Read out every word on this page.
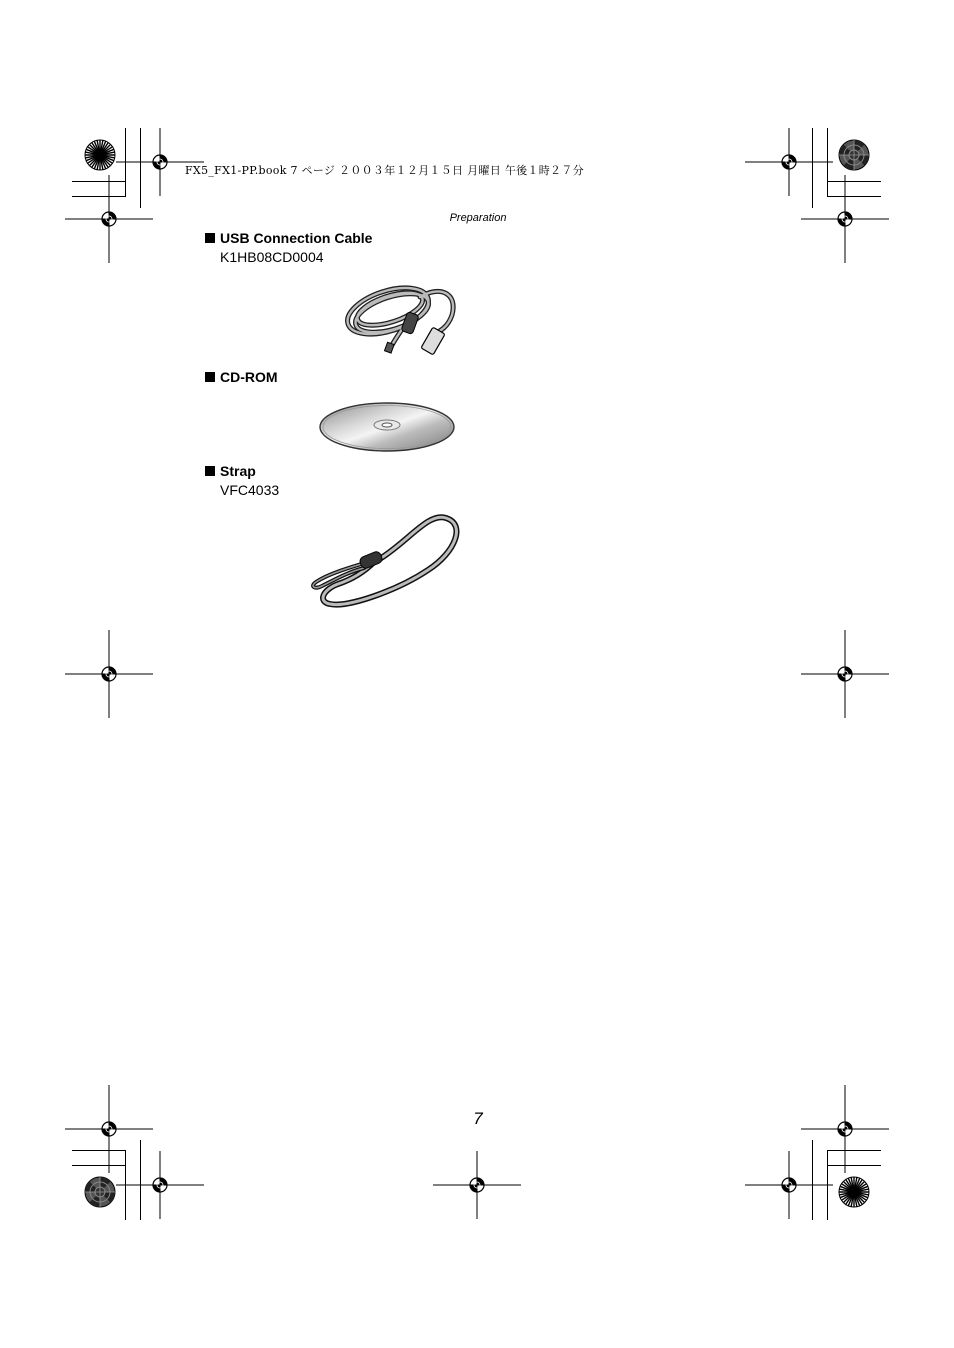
FX5_FX1-PP.book 7 ページ ２００３年１２月１５日 月曜日 午後１時２７分
Preparation
USB Connection Cable
K1HB08CD0004
CD-ROM
Strap
VFC4033
7
